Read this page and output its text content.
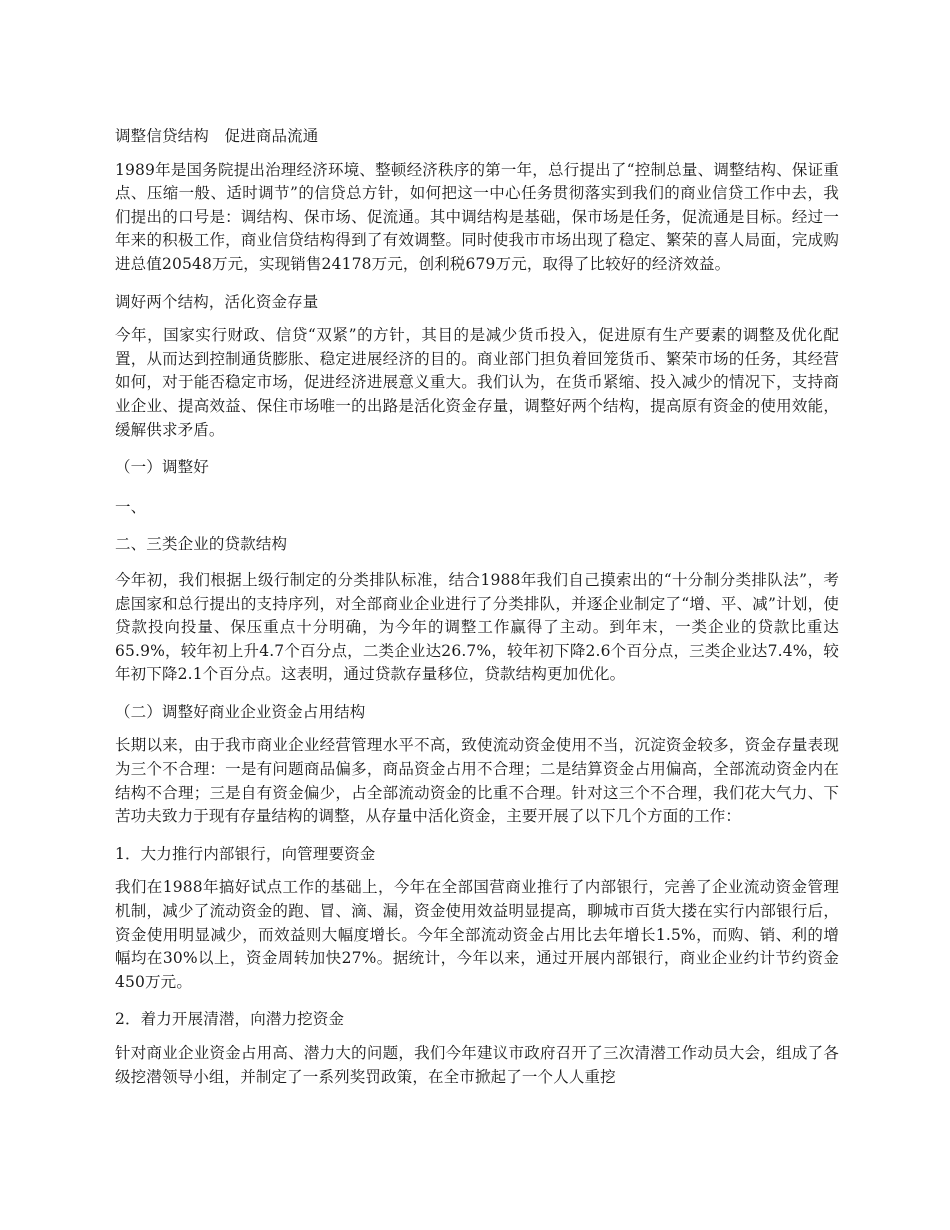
调整信贷结构　促进商品流通

1989年是国务院提出治理经济环境、整顿经济秩序的第一年，总行提出了“控制总量、调整结构、保证重点、压缩一般、适时调节”的信贷总方针，如何把这一中心任务贯彻落实到我们的商业信贷工作中去，我们提出的口号是：调结构、保市场、促流通。其中调结构是基础，保市场是任务，促流通是目标。经过一年来的积极工作，商业信贷结构得到了有效调整。同时使我市市场出现了稳定、繁荣的喜人局面，完成购进总值20548万元，实现销售24178万元，创利税679万元，取得了比较好的经济效益。

调好两个结构，活化资金存量

今年，国家实行财政、信贷“双紧”的方针，其目的是减少货币投入，促进原有生产要素的调整及优化配置，从而达到控制通货膨胀、稳定进展经济的目的。商业部门担负着回笼货币、繁荣市场的任务，其经营如何，对于能否稳定市场，促进经济进展意义重大。我们认为，在货币紧缩、投入减少的情况下，支持商业企业、提高效益、保住市场唯一的出路是活化资金存量，调整好两个结构，提高原有资金的使用效能，缓解供求矛盾。

（一）调整好

一、

二、三类企业的贷款结构

今年初，我们根据上级行制定的分类排队标准，结合1988年我们自己摸索出的“十分制分类排队法”，考虑国家和总行提出的支持序列，对全部商业企业进行了分类排队，并逐企业制定了“增、平、减”计划，使贷款投向投量、保压重点十分明确，为今年的调整工作赢得了主动。到年末，一类企业的贷款比重达65.9%，较年初上升4.7个百分点，二类企业达26.7%，较年初下降2.6个百分点，三类企业达7.4%，较年初下降2.1个百分点。这表明，通过贷款存量移位，贷款结构更加优化。

（二）调整好商业企业资金占用结构

长期以来，由于我市商业企业经营管理水平不高，致使流动资金使用不当，沉淀资金较多，资金存量表现为三个不合理：一是有问题商品偏多，商品资金占用不合理；二是结算资金占用偏高，全部流动资金内在结构不合理；三是自有资金偏少，占全部流动资金的比重不合理。针对这三个不合理，我们花大气力、下苦功夫致力于现有存量结构的调整，从存量中活化资金，主要开展了以下几个方面的工作：

1．大力推行内部银行，向管理要资金

我们在1988年搞好试点工作的基础上，今年在全部国营商业推行了内部银行，完善了企业流动资金管理机制，减少了流动资金的跑、冒、滴、漏，资金使用效益明显提高，聊城市百货大搂在实行内部银行后，资金使用明显减少，而效益则大幅度增长。今年全部流动资金占用比去年增长1.5%，而购、销、利的增幅均在30%以上，资金周转加快27%。据统计，今年以来，通过开展内部银行，商业企业约计节约资金450万元。

2．着力开展清潜，向潜力挖资金

针对商业企业资金占用高、潜力大的问题，我们今年建议市政府召开了三次清潜工作动员大会，组成了各级挖潜领导小组，并制定了一系列奖罚政策，在全市掀起了一个人人重挖
